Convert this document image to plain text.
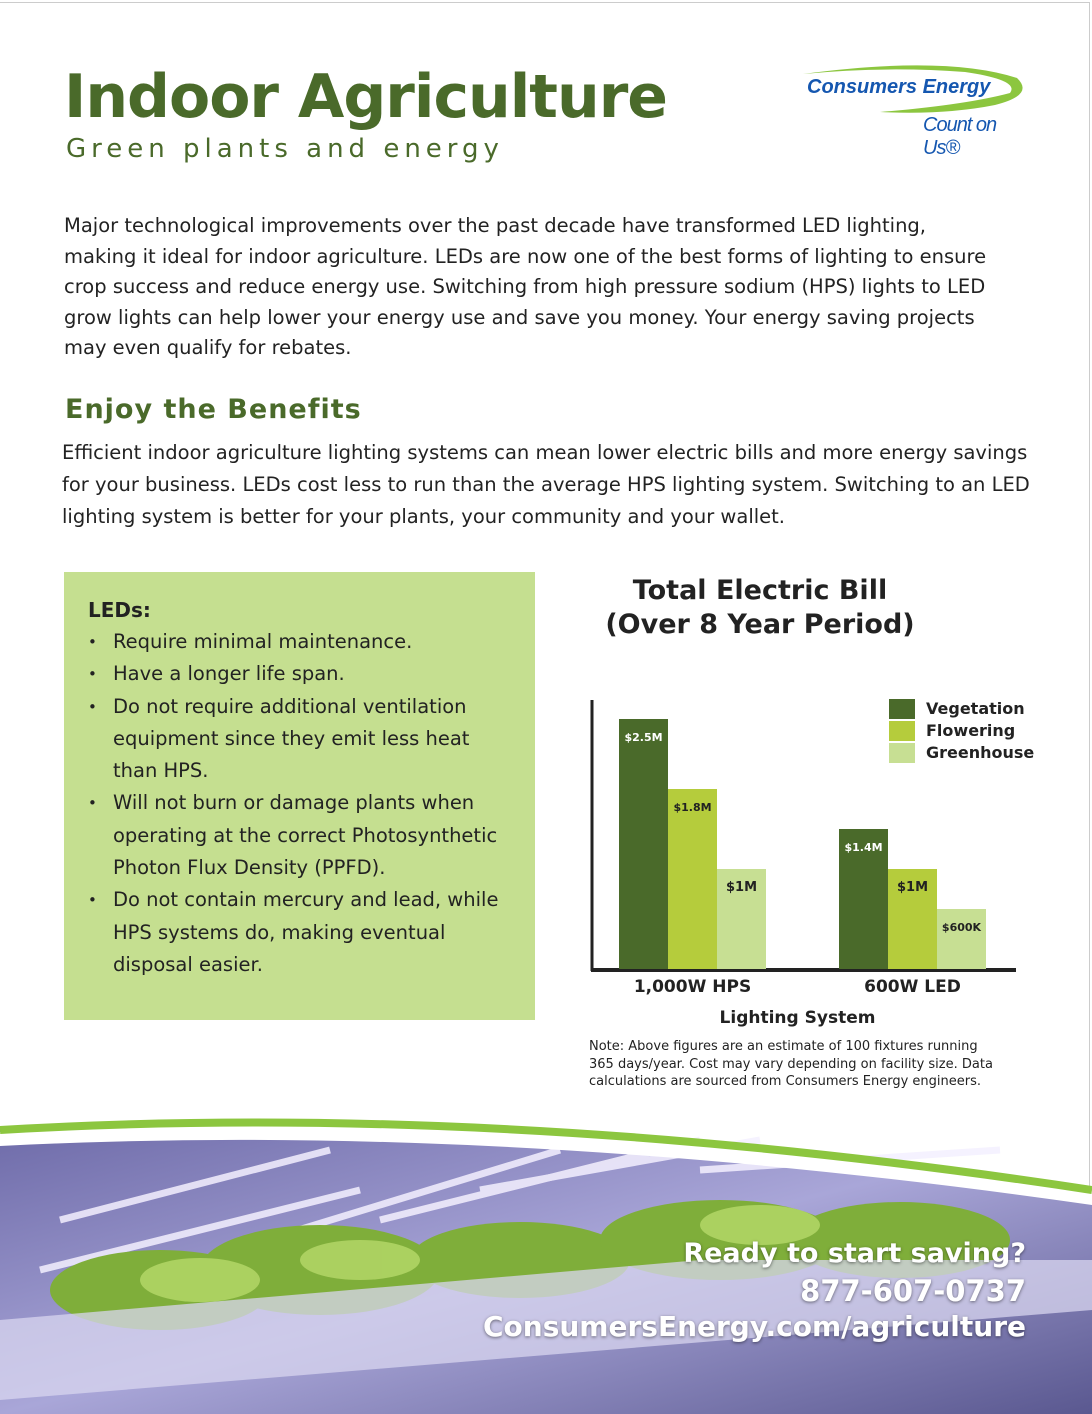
Indoor Agriculture
Green plants and energy
Consumers Energy
Count on Us®

Major technological improvements over the past decade have transformed LED lighting, making it ideal for indoor agriculture. LEDs are now one of the best forms of lighting to ensure crop success and reduce energy use. Switching from high pressure sodium (HPS) lights to LED grow lights can help lower your energy use and save you money. Your energy saving projects may even qualify for rebates.

Enjoy the Benefits

Efficient indoor agriculture lighting systems can mean lower electric bills and more energy savings for your business. LEDs cost less to run than the average HPS lighting system. Switching to an LED lighting system is better for your plants, your community and your wallet.

LEDs:
• Require minimal maintenance.
• Have a longer life span.
• Do not require additional ventilation equipment since they emit less heat than HPS.
• Will not burn or damage plants when operating at the correct Photosynthetic Photon Flux Density (PPFD).
• Do not contain mercury and lead, while HPS systems do, making eventual disposal easier.
Total Electric Bill
(Over 8 Year Period)
$2.5M
$1.8M
$1M
1,000W HPS
$1.4M
$1M
$600K
600W LED
Vegetation
Flowering
Greenhouse
Lighting System
Note: Above figures are an estimate of 100 fixtures running 365 days/year. Cost may vary depending on facility size. Data calculations are sourced from Consumers Energy engineers.
Ready to start saving?
877-607-0737
ConsumersEnergy.com/agriculture
